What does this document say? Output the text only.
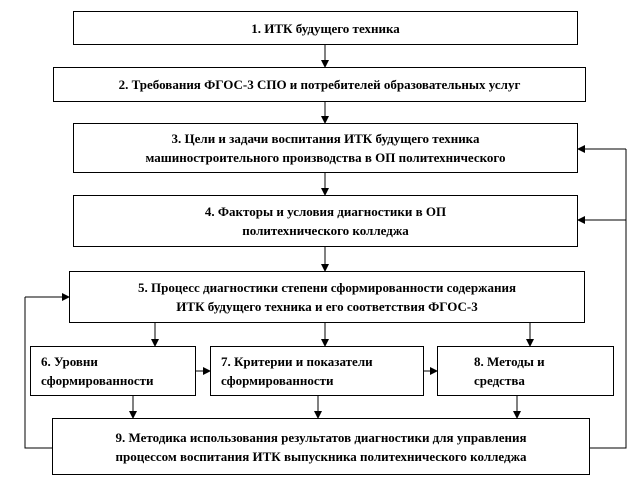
1. ИТК будущего техника
2. Требования ФГОС-3 СПО и потребителей образовательных услуг
3. Цели и задачи воспитания ИТК будущего техника
машиностроительного производства в ОП политехнического
4. Факторы и условия диагностики в ОП
политехнического колледжа
5. Процесс диагностики степени сформированности содержания
ИТК будущего техника и его соответствия ФГОС-3
6. Уровни
сформированности
7. Критерии и показатели
сформированности
8. Методы и
средства
9. Методика использования результатов диагностики для управления
процессом воспитания ИТК выпускника политехнического колледжа
